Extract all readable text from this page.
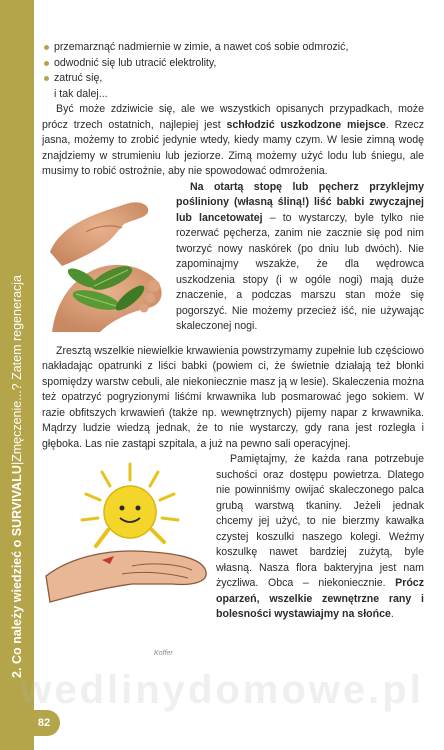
2. Co należy wiedzieć o SURVIVALU|Zmęczenie...? Zatem regeneracja
82
przemarznąć nadmiernie w zimie, a nawet coś sobie odmrozić,
odwodnić się lub utracić elektrolity,
zatruć się,
i tak dalej...

Być może zdziwicie się, ale we wszystkich opisanych przypadkach, może prócz trzech ostatnich, najlepiej jest schłodzić uszkodzone miejsce. Rzecz jasna, możemy to zrobić jedynie wtedy, kiedy mamy czym. W lesie zimną wodę znajdziemy w strumieniu lub jeziorze. Zimą możemy użyć lodu lub śniegu, ale musimy to robić ostrożnie, aby nie spowodować odmrożenia.

Na otartą stopę lub pęcherz przyklejmy pośliniony (własną śliną!) liść babki zwyczajnej lub lancetowatej – to wystarczy, byle tylko nie rozerwać pęcherza, zanim nie zacznie się pod nim tworzyć nowy naskórek (po dniu lub dwóch). Nie zapominajmy wszakże, że dla wędrowca uszkodzenia stopy (i w ogóle nogi) mają duże znaczenie, a podczas marszu stan może się pogorszyć. Nie możemy przecież iść, nie używając skaleczonej nogi.

Zresztą wszelkie niewielkie krwawienia powstrzymamy zupełnie lub częściowo nakładając opatrunki z liści babki (powiem ci, że świetnie działają też błonki spomiędzy warstw cebuli, ale niekoniecznie masz ją w lesie). Skaleczenia można też opatrzyć pogryzionymi liśćmi krwawnika lub posmarować jego sokiem. W razie obfitszych krwawień (także np. wewnętrznych) pijemy napar z krwawnika. Mądrzy ludzie wiedzą jednak, że to nie wystarczy, gdy rana jest rozległa i głęboka. Las nie zastąpi szpitala, a już na pewno sali operacyjnej.

Koffer

Pamiętajmy, że każda rana potrzebuje suchości oraz dostępu powietrza. Dlatego nie powinniśmy owijać skaleczonego palca grubą warstwą tkaniny. Jeżeli jednak chcemy jej użyć, to nie bierzmy kawałka czystej koszulki naszego kolegi. Weźmy koszulkę nawet bardziej zużytą, byle własną. Nasza flora bakteryjna jest nam życzliwa. Obca – niekoniecznie. Prócz oparzeń, wszelkie zewnętrzne rany i bolesności wystawiajmy na słońce.

wedlinydomowe.pl
